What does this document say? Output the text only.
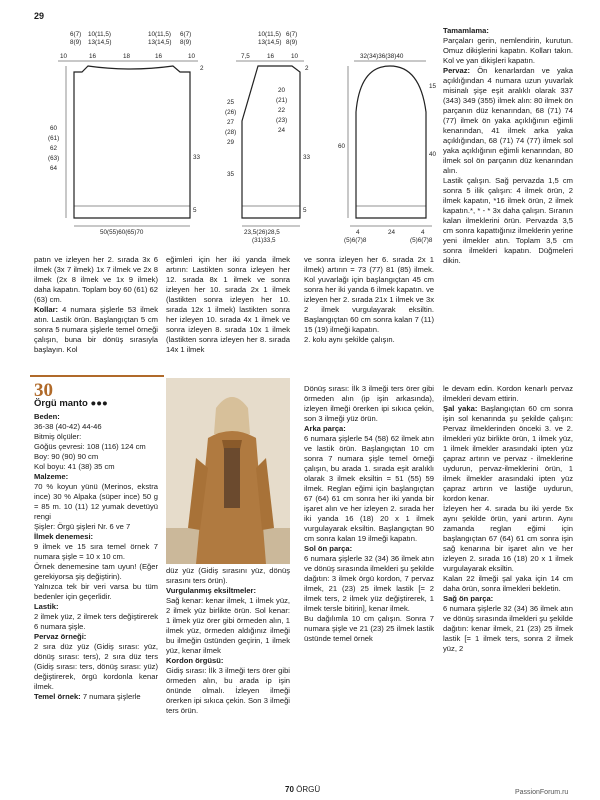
29
6(7)
8(9)
10(11,5)
13(14,5)
10(11,5)
13(14,5)
6(7)
8(9)
10	16	18	16	10
60
(61)
62
(63)
64
2
33
5
50(55)60(65)70
7,5
10(11,5)
13(14,5)
6(7)
8(9)
16	10
25
(26)
27
(28)
29
35
20
(21)
22
(23)
24
2
33
5
23,5(26)28,5
(31)33,5
32(34)36(38)40
15
40
60
4	24	4
(5)6(7)8	(5)6(7)8

Tamamlama:

Parçaları gerin, nemlendirin, kurutun. Omuz dikişlerini kapatın. Kolları takın. Kol ve yan dikişleri kapatın.

Pervaz: Ön kenarlardan ve yaka açıklığından 4 numara uzun yuvarlak misinalı şişe eşit aralıklı olarak 337 (343) 349 (355) ilmek alın: 80 ilmek ön parçanın düz kenarından, 68 (71) 74 (77) ilmek ön yaka açıklığının eğimli kenarından, 41 ilmek arka yaka açıklığından, 68 (71) 74 (77) ilmek sol yaka açıklığının eğimli kenarından, 80 ilmek sol ön parçanın düz kenarından alın.

Lastik çalışın. Sağ pervazda 1,5 cm sonra 5 ilik çalışın: 4 ilmek örün, 2 ilmek kapatın, *16 ilmek örün, 2 ilmek kapatın.*, * - * 3x daha çalışın. Sıranın kalan ilmeklerini örün. Pervazda 3,5 cm sonra kapattığınız ilmeklerin yerine yeni ilmekler atın. Toplam 3,5 cm sonra ilmekleri kapatın. Düğmeleri dikin.

patın ve izleyen her 2. sırada 3x 6 ilmek (3x 7 ilmek) 1x 7 ilmek ve 2x 8 ilmek (2x 8 ilmek ve 1x 9 ilmek) daha kapatın. Toplam boy 60 (61) 62 (63) cm.

Kollar: 4 numara şişlerle 53 ilmek atın. Lastik örün. Başlangıçtan 5 cm sonra 5 numara şişlerle temel örneği çalışın, buna bir dönüş sırasıyla başlayın. Kol

eğimleri için her iki yanda ilmek artırın: Lastikten sonra izleyen her 12. sırada 8x 1 ilmek ve sonra izleyen her 10. sırada 2x 1 ilmek (lastikten sonra izleyen her 10. sırada 12x 1 ilmek) lastikten sonra her izleyen 10. sırada 4x 1 ilmek ve sonra izleyen 8. sırada 10x 1 ilmek (lastikten sonra izleyen her 8. sırada 14x 1 ilmek

ve sonra izleyen her 6. sırada 2x 1 ilmek) artırın = 73 (77) 81 (85) ilmek. Kol yuvarlağı için başlangıçtan 45 cm sonra her iki yanda 6 ilmek kapatın. ve izleyen her 2. sırada 21x 1 ilmek ve 3x 2 ilmek vurgulayarak eksiltin. Başlangıçtan 60 cm sonra kalan 7 (11) 15 (19) ilmeği kapatın.

2. kolu aynı şekilde çalışın.

30
Örgü manto ●●●

Beden:

36-38 (40-42) 44-46

Bitmiş ölçüler:

Göğüs çevresi: 108 (116) 124 cm

Boy: 90 (90) 90 cm

Kol boyu: 41 (38) 35 cm

Malzeme:

70 % koyun yünü (Merinos, ekstra ince) 30 % Alpaka (süper ince) 50 g = 85 m. 10 (11) 12 yumak devetüyü rengi

Şişler: Örgü şişleri Nr. 6 ve 7

İlmek denemesi:

9 ilmek ve 15 sıra temel örnek 7 numara şişle = 10 x 10 cm.

Örnek denemesine tam uyun! (Eğer gerekiyorsa şiş değiştirin).

Yalnızca tek bir veri varsa bu tüm bedenler için geçerlidir.

Lastik:

2 ilmek yüz, 2 ilmek ters değiştirerek 6 numara şişle.

Pervaz örneği:

2 sıra düz yüz (Gidiş sırası: yüz, dönüş sırası: ters), 2 sıra düz ters (Gidiş sırası: ters, dönüş sırası: yüz) değiştirerek, örgü kordonla kenar ilmek.

Temel örnek: 7 numara şişlerle

düz yüz (Gidiş sırasını yüz, dönüş sırasını ters örün).

Vurgulanmış eksiltmeler:

Sağ kenar: kenar ilmek, 1 ilmek yüz, 2 ilmek yüz birlikte örün. Sol kenar: 1 ilmek yüz örer gibi örmeden alın, 1 ilmek yüz, örmeden aldığınız ilmeği bu ilmeğin üstünden geçirin, 1 ilmek yüz, kenar ilmek

Kordon örgüsü:

Gidiş sırası: İlk 3 ilmeği ters örer gibi örmeden alın, bu arada ip işin önünde olmalı. İzleyen ilmeği örerken ipi sıkıca çekin. Son 3 ilmeği ters örün.

Dönüş sırası: İlk 3 ilmeği ters örer gibi örmeden alın (ip işin arkasında), izleyen ilmeği örerken ipi sıkıca çekin, son 3 ilmeği yüz örün.

Arka parça:

6 numara şişlerle 54 (58) 62 ilmek atın ve lastik örün. Başlangıçtan 10 cm sonra 7 numara şişle temel örneği çalışın, bu arada 1. sırada eşit aralıklı olarak 3 ilmek eksiltin = 51 (55) 59 ilmek. Reglan eğimi için başlangıçtan 67 (64) 61 cm sonra her iki yanda bir işaret alın ve her izleyen 2. sırada her iki yanda 16 (18) 20 x 1 ilmek vurgulayarak eksiltin. Başlangıçtan 90 cm sonra kalan 19 ilmeği kapatın.

Sol ön parça:

6 numara şişlerle 32 (34) 36 ilmek atın ve dönüş sırasında ilmekleri şu şekilde dağıtın: 3 ilmek örgü kordon, 7 pervaz ilmek, 21 (23) 25 ilmek lastik [= 2 ilmek ters, 2 ilmek yüz değiştirerek, 1 ilmek tersle bitirin], kenar ilmek.

Bu dağılımla 10 cm çalışın. Sonra 7 numara şişle ve 21 (23) 25 ilmek lastik üstünde temel örnek

le devam edin. Kordon kenarlı pervaz ilmekleri devam ettirin.

Şal yaka: Başlangıçtan 60 cm sonra işin sol kenarında şu şekilde çalışın: Pervaz ilmeklerinden önceki 3. ve 2. ilmekleri yüz birlikte örün, 1 ilmek yüz, 1 ilmek ilmekler arasındaki ipten yüz çapraz artırın ve pervaz - ilmeklerine uydurun, pervaz-ilmeklerini örün, 1 ilmek ilmekler arasındaki ipten yüz çapraz artırın ve lastiğe uydurun, kordon kenar.

İzleyen her 4. sırada bu iki yerde 5x aynı şekilde örün, yani artırın. Aynı zamanda reglan eğimi için başlangıçtan 67 (64) 61 cm sonra işin sağ kenarına bir işaret alın ve her izleyen 2. sırada 16 (18) 20 x 1 ilmek vurgulayarak eksiltin.

Kalan 22 ilmeği şal yaka için 14 cm daha örün, sonra ilmekleri bekletin.

Sağ ön parça:

6 numara şişlerle 32 (34) 36 ilmek atın ve dönüş sırasında ilmekleri şu şekilde dağıtın: kenar ilmek, 21 (23) 25 ilmek lastik [= 1 ilmek ters, sonra 2 ilmek yüz, 2

70 ÖRGÜ	PassionForum.ru
